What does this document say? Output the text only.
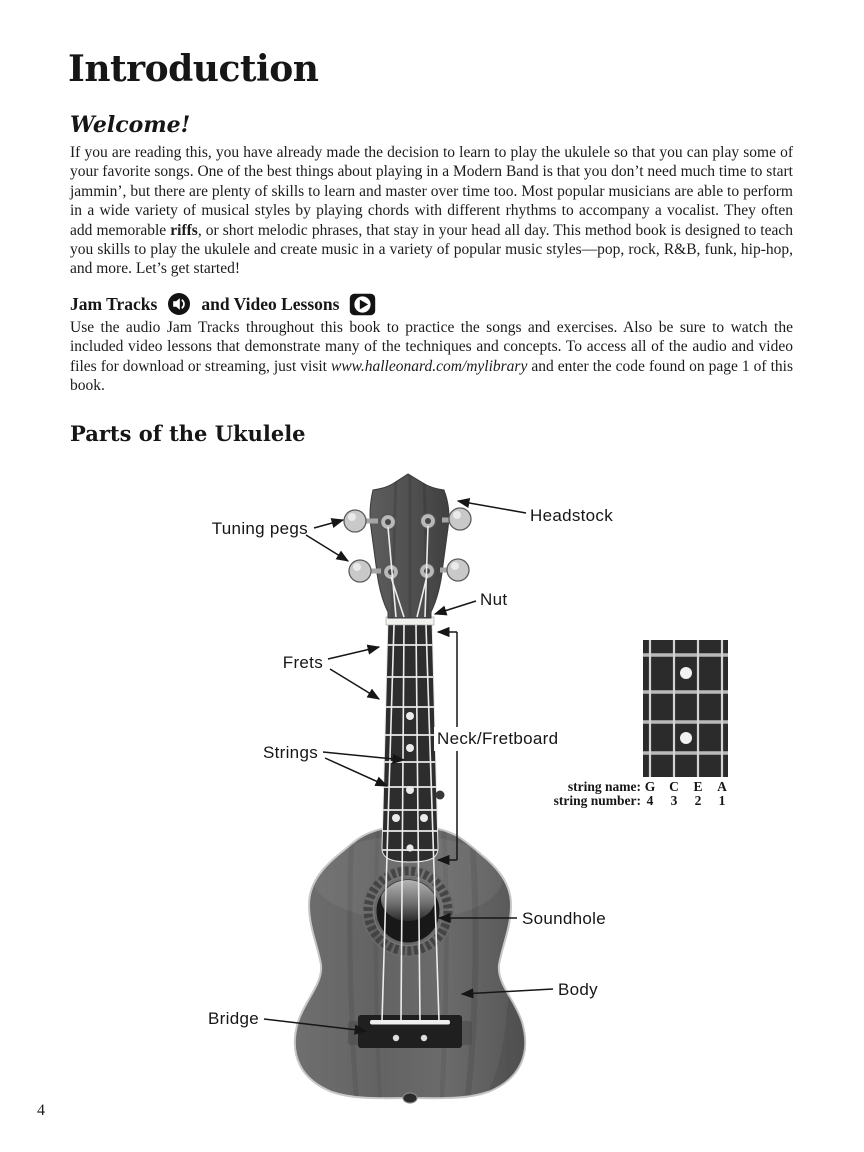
Introduction
Welcome!

If you are reading this, you have already made the decision to learn to play the ukulele so that you can play some of your favorite songs. One of the best things about playing in a Modern Band is that you don’t need much time to start jammin’, but there are plenty of skills to learn and master over time too. Most popular musicians are able to perform in a wide variety of musical styles by playing chords with different rhythms to accompany a vocalist. They often add memorable riffs, or short melodic phrases, that stay in your head all day. This method book is designed to teach you skills to play the ukulele and create music in a variety of popular music styles—pop, rock, R&B, funk, hip-hop, and more. Let’s get started!

Jam Tracks	and Video Lessons

Use the audio Jam Tracks throughout this book to practice the songs and exercises. Also be sure to watch the included video lessons that demonstrate many of the techniques and concepts. To access all of the audio and video files for download or streaming, just visit www.halleonard.com/mylibrary and enter the code found on page 1 of this book.

Parts of the Ukulele
Tuning pegs
Headstock
Nut
Frets
Strings
Neck/Fretboard
Soundhole
Body
Bridge
string name: G C E A
string number: 4 3 2 1
4
